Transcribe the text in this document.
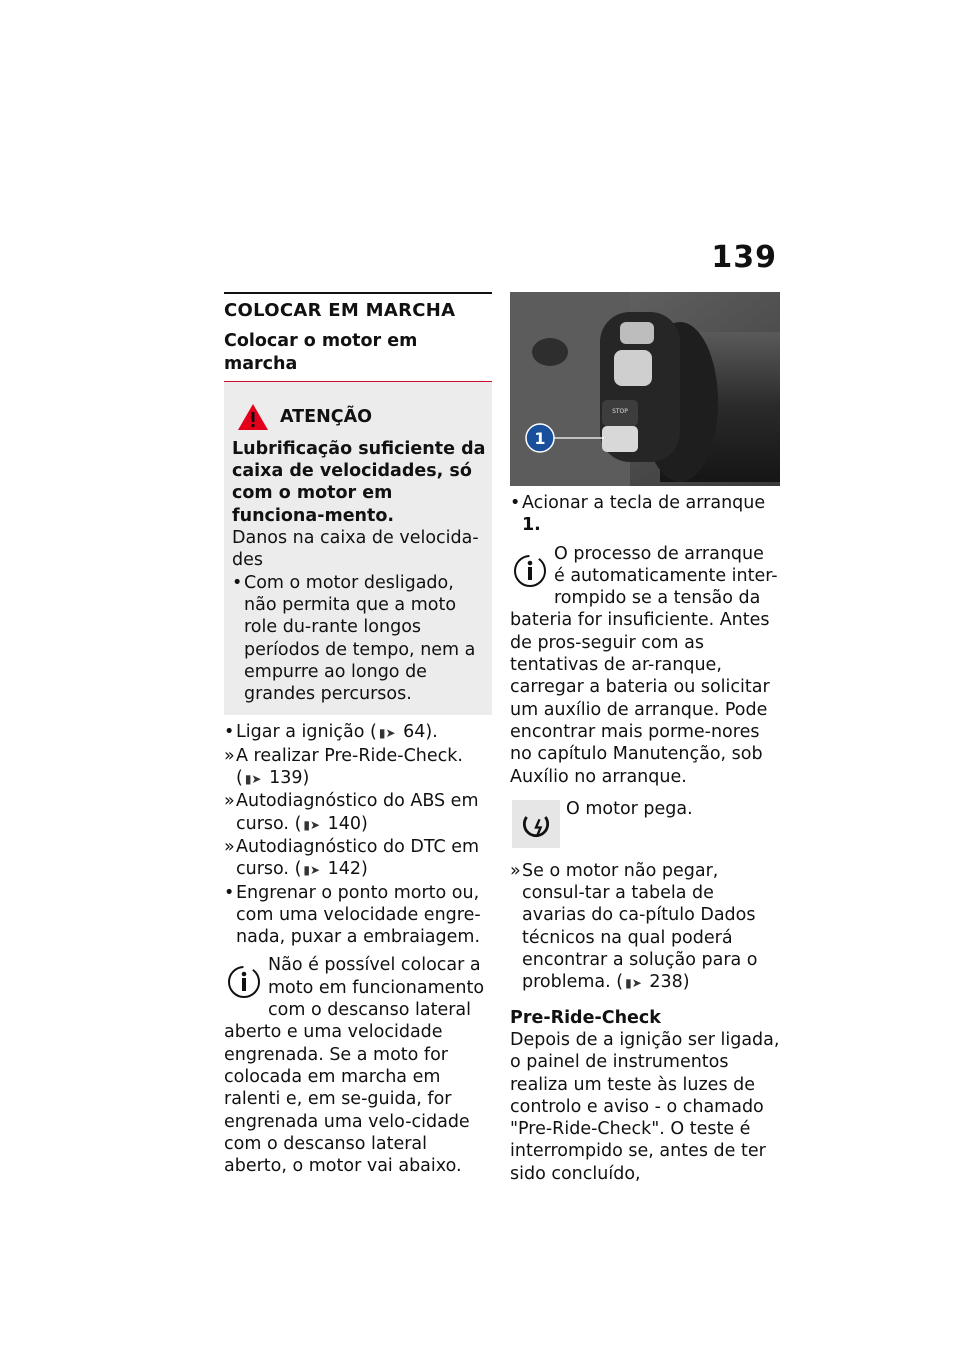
139
COLOCAR EM MARCHA
Colocar o motor em marcha
ATENÇÃO
Lubrificação suficiente da caixa de velocidades, só com o motor em funciona-mento.
Danos na caixa de velocida-des
• Com o motor desligado, não permita que a moto role du-rante longos períodos de tempo, nem a empurre ao longo de grandes percursos.
• Ligar a ignição ( ▮➤ 64).
» A realizar Pre-Ride-Check.
( ▮➤ 139)
» Autodiagnóstico do ABS em curso. ( ▮➤ 140)
» Autodiagnóstico do DTC em curso. ( ▮➤ 142)
• Engrenar o ponto morto ou, com uma velocidade engre-nada, puxar a embraiagem.
Não é possível colocar a moto em funcionamento com o descanso lateral aberto e uma velocidade engrenada. Se a moto for colocada em marcha em ralenti e, em se-guida, for engrenada uma velo-cidade com o descanso lateral aberto, o motor vai abaixo.
STOP
1
• Acionar a tecla de arranque 1.
O processo de arranque é automaticamente inter-rompido se a tensão da bateria for insuficiente. Antes de pros-seguir com as tentativas de ar-ranque, carregar a bateria ou solicitar um auxílio de arranque. Pode encontrar mais porme-nores no capítulo Manutenção, sob Auxílio no arranque.
O motor pega.
» Se o motor não pegar, consul-tar a tabela de avarias do ca-pítulo Dados técnicos na qual poderá encontrar a solução para o problema. ( ▮➤ 238)
Pre-Ride-Check
Depois de a ignição ser ligada, o painel de instrumentos realiza um teste às luzes de controlo e aviso - o chamado "Pre-Ride-Check". O teste é interrompido se, antes de ter sido concluído,
